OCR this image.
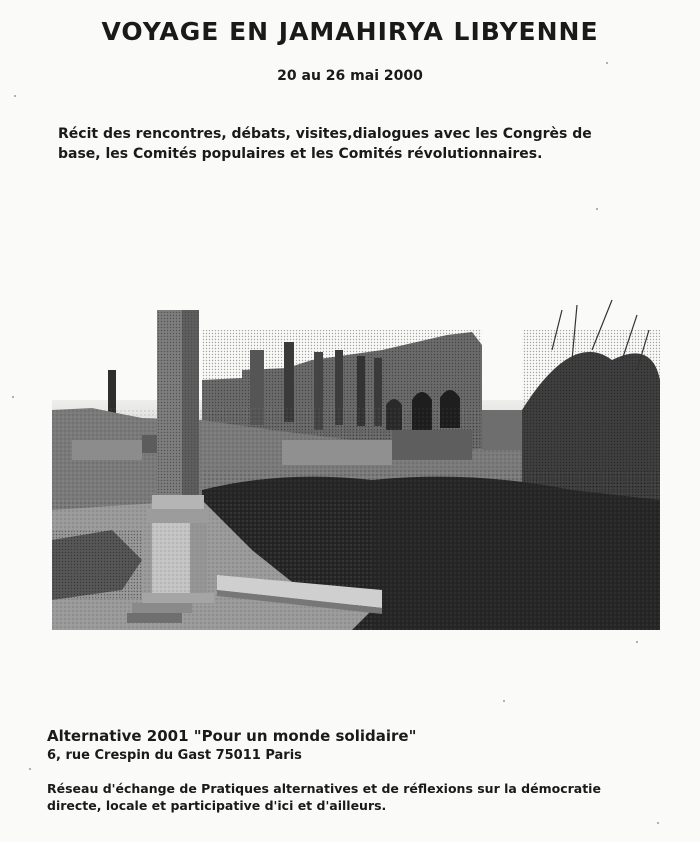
VOYAGE EN JAMAHIRYA LIBYENNE
20 au 26 mai 2000
Récit des rencontres, débats, visites,dialogues avec les Congrès de base, les Comités populaires et les Comités révolutionnaires.
Alternative 2001 "Pour un monde solidaire"
6, rue Crespin du Gast 75011 Paris
Réseau d'échange de Pratiques alternatives et de réflexions sur la démocratie directe, locale et participative d'ici et d'ailleurs.
